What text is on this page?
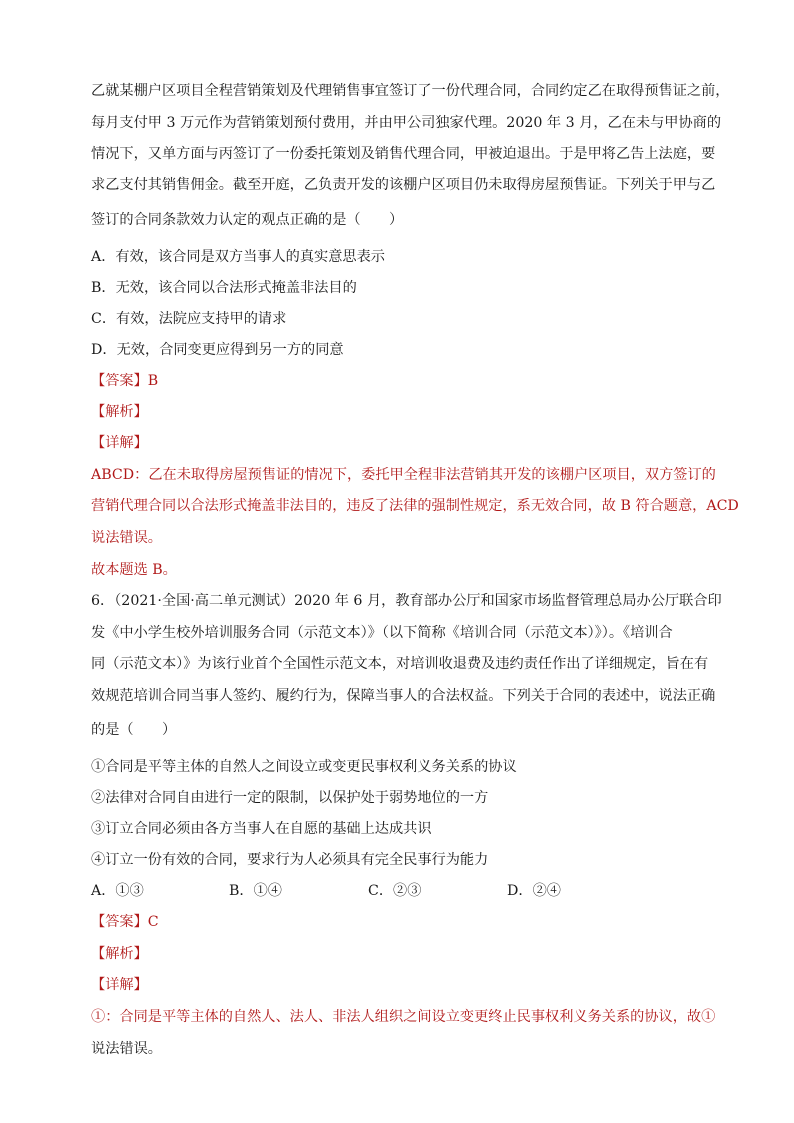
乙就某棚户区项目全程营销策划及代理销售事宜签订了一份代理合同，合同约定乙在取得预售证之前，
每月支付甲 3 万元作为营销策划预付费用，并由甲公司独家代理。2020 年 3 月，乙在未与甲协商的
情况下，又单方面与丙签订了一份委托策划及销售代理合同，甲被迫退出。于是甲将乙告上法庭，要
求乙支付其销售佣金。截至开庭，乙负责开发的该棚户区项目仍未取得房屋预售证。下列关于甲与乙
签订的合同条款效力认定的观点正确的是（　　）
A．有效，该合同是双方当事人的真实意思表示
B．无效，该合同以合法形式掩盖非法目的
C．有效，法院应支持甲的请求
D．无效，合同变更应得到另一方的同意
【答案】B
【解析】
【详解】
ABCD：乙在未取得房屋预售证的情况下，委托甲全程非法营销其开发的该棚户区项目，双方签订的
营销代理合同以合法形式掩盖非法目的，违反了法律的强制性规定，系无效合同，故 B 符合题意，ACD
说法错误。
故本题选 B。
6．（2021·全国·高二单元测试）2020 年 6 月，教育部办公厅和国家市场监督管理总局办公厅联合印
发《中小学生校外培训服务合同（示范文本）》（以下简称《培训合同（示范文本）》）。《培训合
同（示范文本）》为该行业首个全国性示范文本，对培训收退费及违约责任作出了详细规定，旨在有
效规范培训合同当事人签约、履约行为，保障当事人的合法权益。下列关于合同的表述中，说法正确
的是（　　）
①合同是平等主体的自然人之间设立或变更民事权利义务关系的协议
②法律对合同自由进行一定的限制，以保护处于弱势地位的一方
③订立合同必须由各方当事人在自愿的基础上达成共识
④订立一份有效的合同，要求行为人必须具有完全民事行为能力
A．①③	B．①④	C．②③	D．②④
【答案】C
【解析】
【详解】
①：合同是平等主体的自然人、法人、非法人组织之间设立变更终止民事权利义务关系的协议，故①
说法错误。
